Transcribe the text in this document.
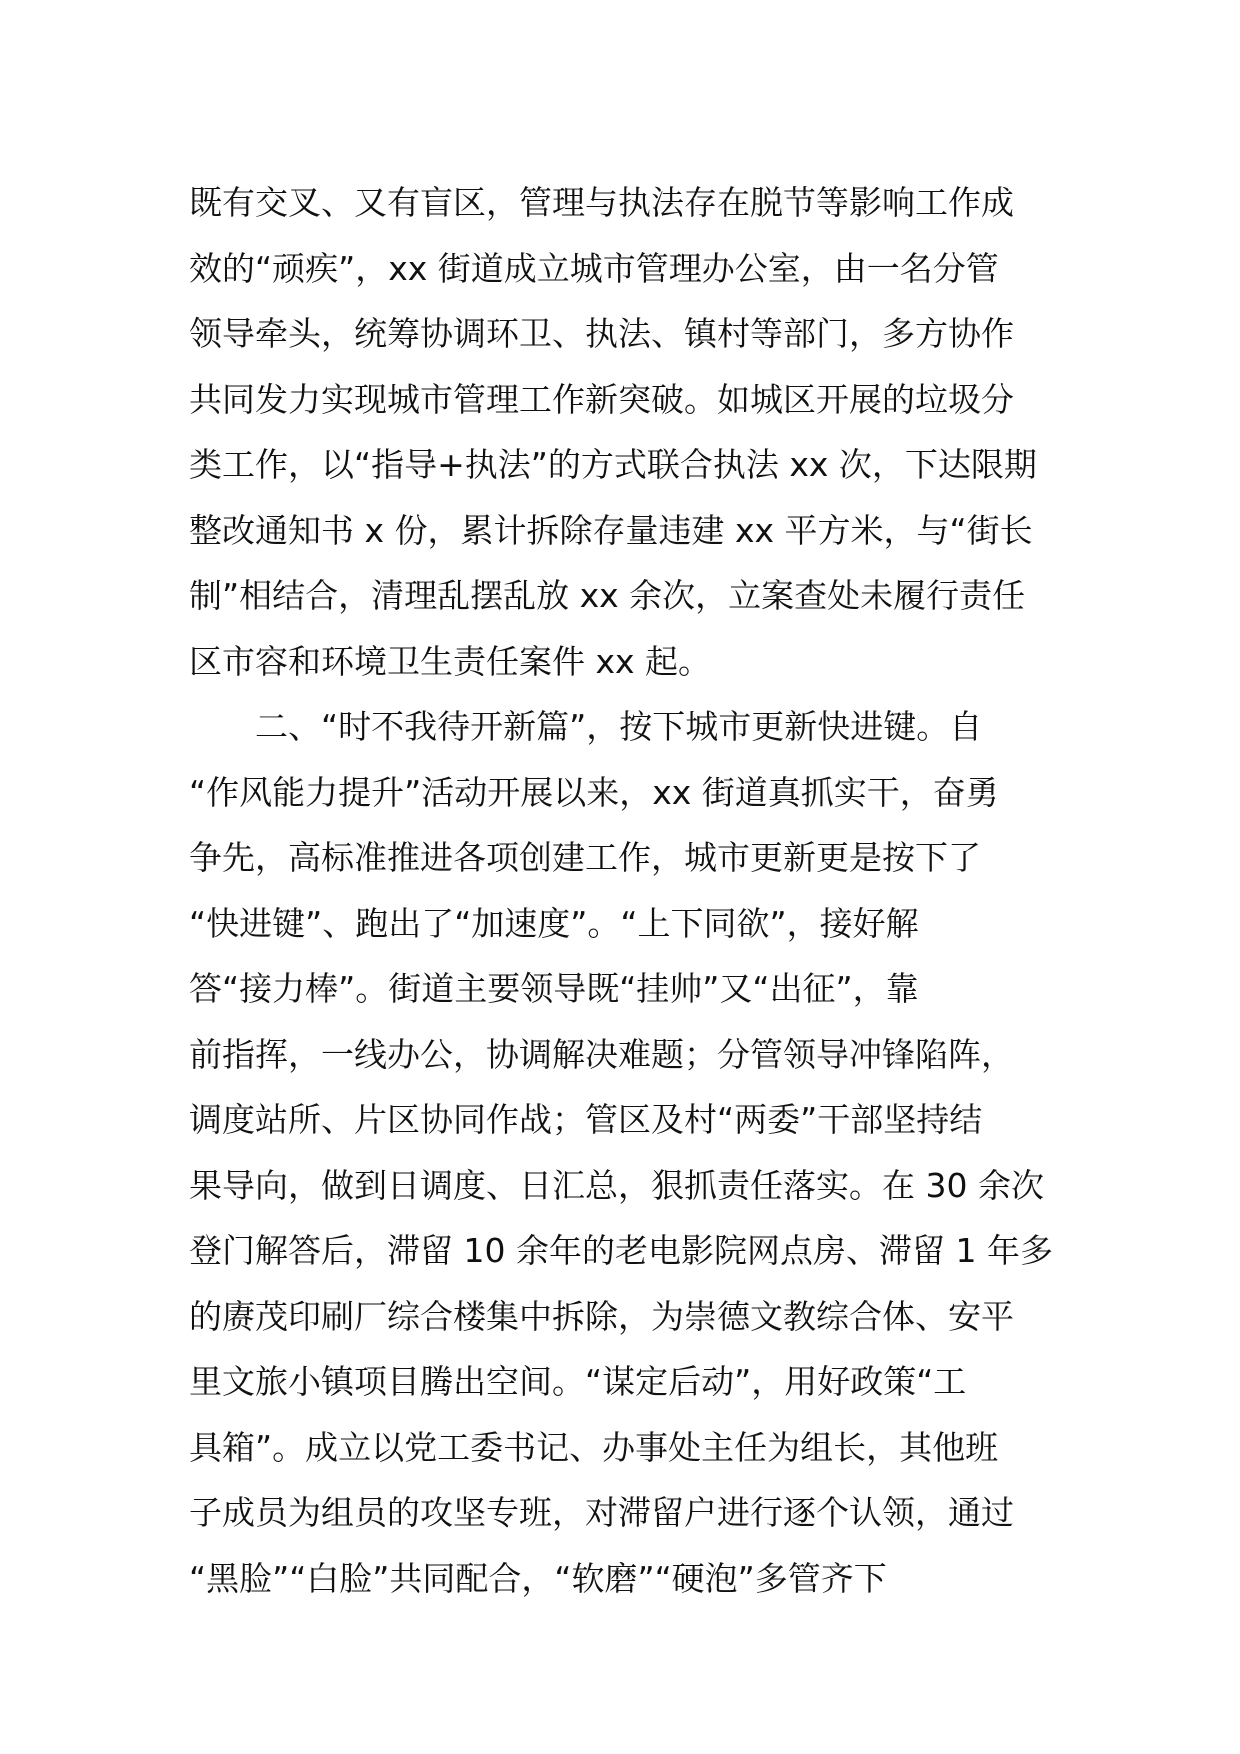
既有交叉、又有盲区，管理与执法存在脱节等影响工作成
效的“顽疾”，xx 街道成立城市管理办公室，由一名分管
领导牵头，统筹协调环卫、执法、镇村等部门，多方协作
共同发力实现城市管理工作新突破。如城区开展的垃圾分
类工作，以“指导+执法”的方式联合执法 xx 次，下达限期
整改通知书 x 份，累计拆除存量违建 xx 平方米，与“街长
制”相结合，清理乱摆乱放 xx 余次，立案查处未履行责任
区市容和环境卫生责任案件 xx 起。
　　二、“时不我待开新篇”，按下城市更新快进键。自
“作风能力提升”活动开展以来，xx 街道真抓实干，奋勇
争先，高标准推进各项创建工作，城市更新更是按下了
“快进键”、跑出了“加速度”。“上下同欲”，接好解
答“接力棒”。街道主要领导既“挂帅”又“出征”，靠
前指挥，一线办公，协调解决难题；分管领导冲锋陷阵，
调度站所、片区协同作战；管区及村“两委”干部坚持结
果导向，做到日调度、日汇总，狠抓责任落实。在 30 余次
登门解答后，滞留 10 余年的老电影院网点房、滞留 1 年多
的赓茂印刷厂综合楼集中拆除，为崇德文教综合体、安平
里文旅小镇项目腾出空间。“谋定后动”，用好政策“工
具箱”。成立以党工委书记、办事处主任为组长，其他班
子成员为组员的攻坚专班，对滞留户进行逐个认领，通过
“黑脸”“白脸”共同配合，“软磨”“硬泡”多管齐下
